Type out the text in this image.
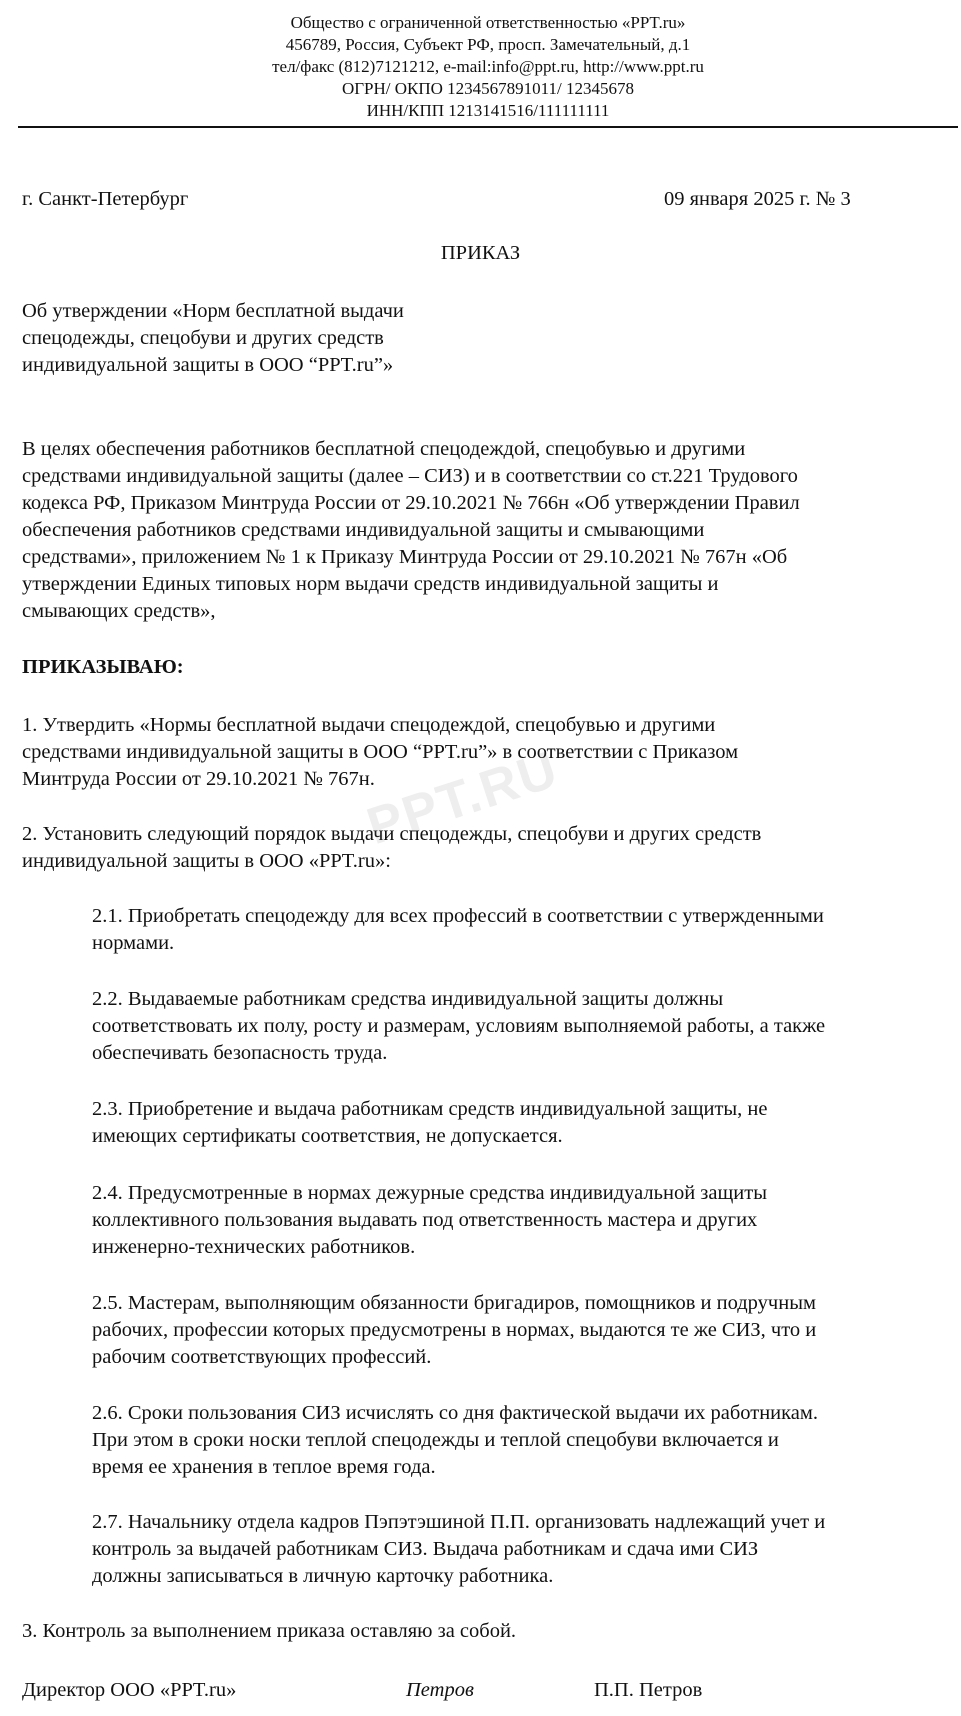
Общество с ограниченной ответственностью «PPT.ru»
456789, Россия, Субъект РФ, просп. Замечательный, д.1
тел/факс (812)7121212, e-mail:info@ppt.ru, http://www.ppt.ru
ОГРН/ ОКПО 1234567891011/ 12345678
ИНН/КПП 1213141516/111111111
г. Санкт-Петербург	09 января 2025 г. № 3
ПРИКАЗ
Об утверждении «Норм бесплатной выдачи
спецодежды, спецобуви и других средств
индивидуальной защиты в ООО “PPT.ru”»
В целях обеспечения работников бесплатной спецодеждой, спецобувью и другими
средствами индивидуальной защиты (далее – СИЗ) и в соответствии со ст.221 Трудового
кодекса РФ, Приказом Минтруда России от 29.10.2021 № 766н «Об утверждении Правил
обеспечения работников средствами индивидуальной защиты и смывающими
средствами», приложением № 1 к Приказу Минтруда России от 29.10.2021 № 767н «Об
утверждении Единых типовых норм выдачи средств индивидуальной защиты и
смывающих средств»,
ПРИКАЗЫВАЮ:
1. Утвердить «Нормы бесплатной выдачи спецодеждой, спецобувью и другими
средствами индивидуальной защиты в ООО “PPT.ru”» в соответствии с Приказом
Минтруда России от 29.10.2021 № 767н.
2. Установить следующий порядок выдачи спецодежды, спецобуви и других средств
индивидуальной защиты в ООО «PPT.ru»:
2.1. Приобретать спецодежду для всех профессий в соответствии с утвержденными
нормами.
2.2. Выдаваемые работникам средства индивидуальной защиты должны
соответствовать их полу, росту и размерам, условиям выполняемой работы, а также
обеспечивать безопасность труда.
2.3. Приобретение и выдача работникам средств индивидуальной защиты, не
имеющих сертификаты соответствия, не допускается.
2.4. Предусмотренные в нормах дежурные средства индивидуальной защиты
коллективного пользования выдавать под ответственность мастера и других
инженерно-технических работников.
2.5. Мастерам, выполняющим обязанности бригадиров, помощников и подручным
рабочих, профессии которых предусмотрены в нормах, выдаются те же СИЗ, что и
рабочим соответствующих профессий.
2.6. Сроки пользования СИЗ исчислять со дня фактической выдачи их работникам.
При этом в сроки носки теплой спецодежды и теплой спецобуви включается и
время ее хранения в теплое время года.
2.7. Начальнику отдела кадров Пэпэтэшиной П.П. организовать надлежащий учет и
контроль за выдачей работникам СИЗ. Выдача работникам и сдача ими СИЗ
должны записываться в личную карточку работника.
3. Контроль за выполнением приказа оставляю за собой.
Директор ООО «PPT.ru»	Петров	П.П. Петров
PPT.RU
